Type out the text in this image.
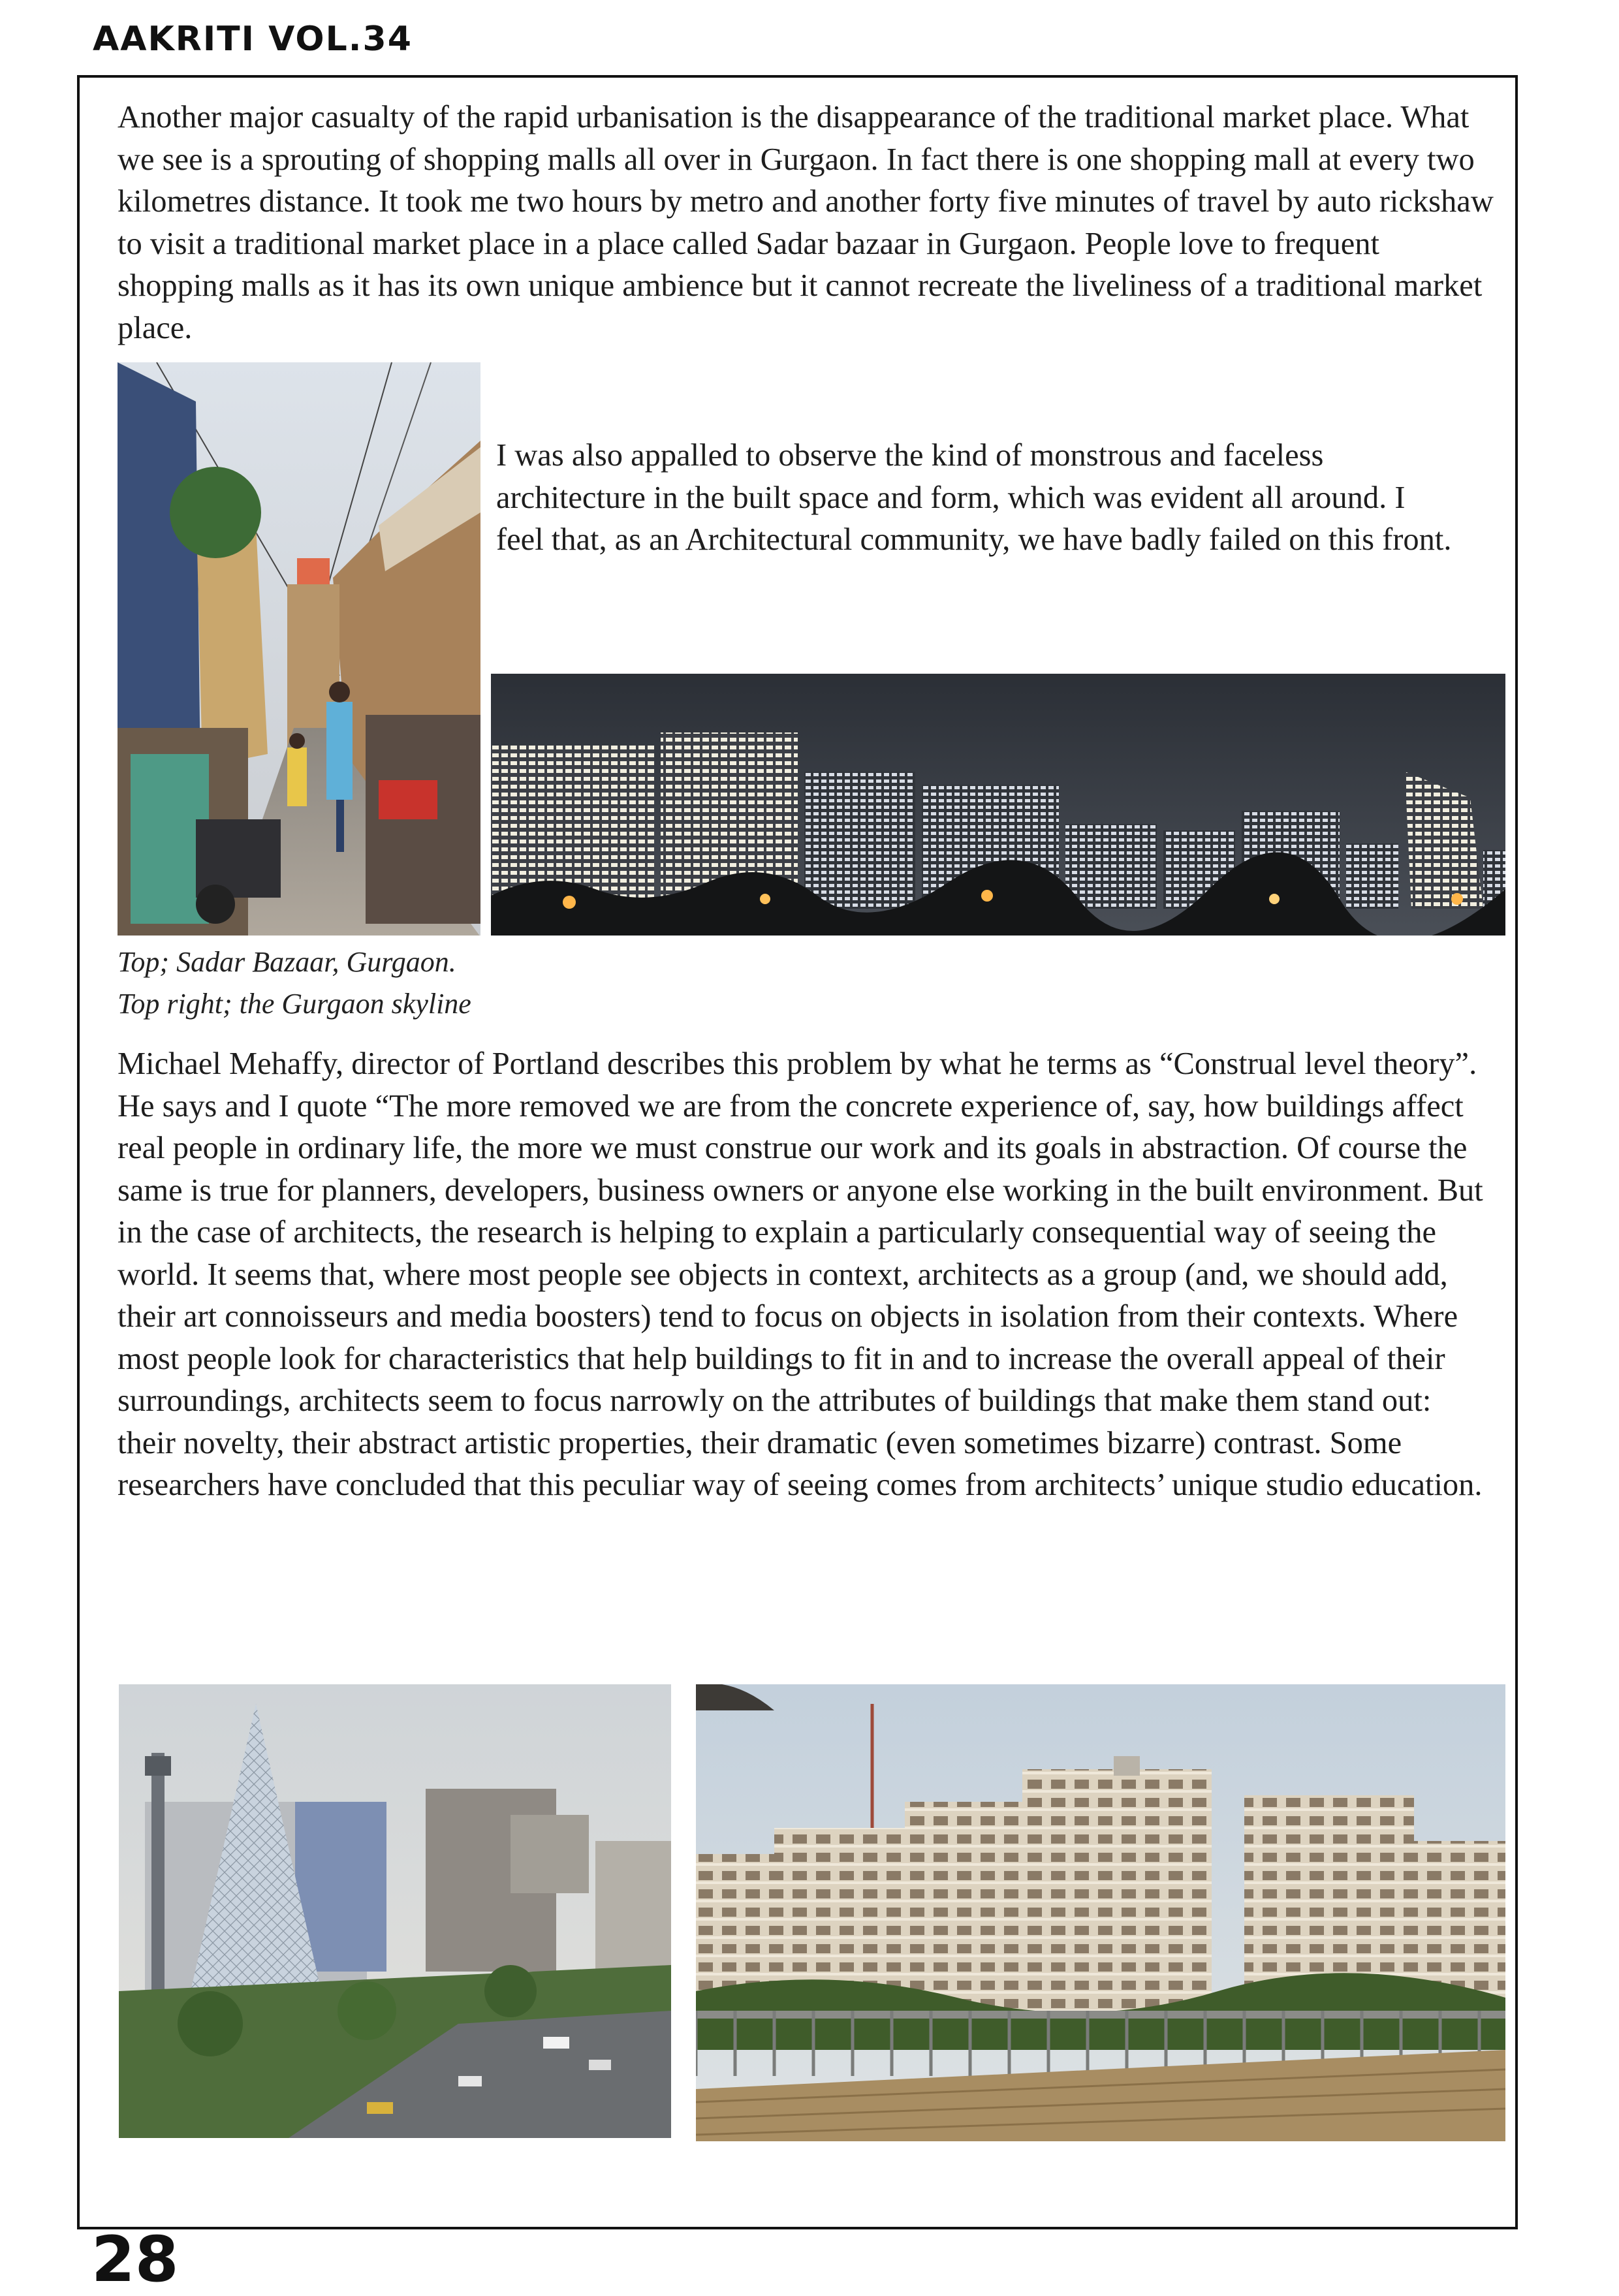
AAKRITI VOL.34

Another major casualty of the rapid urbanisation is the disappearance of the traditional market place. What we see is a sprouting of shopping malls all over in Gurgaon. In fact there is one shopping mall at every two kilometres distance. It took me two hours by metro and another forty five minutes of travel by auto rickshaw to visit a traditional market place in a place called Sadar bazaar in Gurgaon. People love to frequent shopping malls as it has its own unique ambience but it cannot recreate the liveliness of a traditional market place.

I was also appalled to observe the kind of monstrous and faceless architecture in the built space and form, which was evident all around. I feel that, as an Architectural community, we have badly failed on this front.

Top; Sadar Bazaar, Gurgaon.
Top right; the Gurgaon skyline

Michael Mehaffy, director of Portland describes this problem by what he terms as “Construal level theory”. He says and I quote “The more removed we are from the concrete experience of, say, how buildings affect real people in ordinary life, the more we must construe our work and its goals in abstraction. Of course the same is true for planners, developers, business owners or anyone else working in the built environment. But in the case of architects, the research is helping to explain a particularly consequential way of seeing the world. It seems that, where most people see objects in context, architects as a group (and, we should add, their art connoisseurs and media boosters) tend to focus on objects in isolation from their contexts. Where most people look for characteristics that help buildings to fit in and to increase the overall appeal of their surroundings, architects seem to focus narrowly on the attributes of buildings that make them stand out: their novelty, their abstract artistic properties, their dramatic (even sometimes bizarre) contrast. Some researchers have concluded that this peculiar way of seeing comes from architects’ unique studio education.

28
